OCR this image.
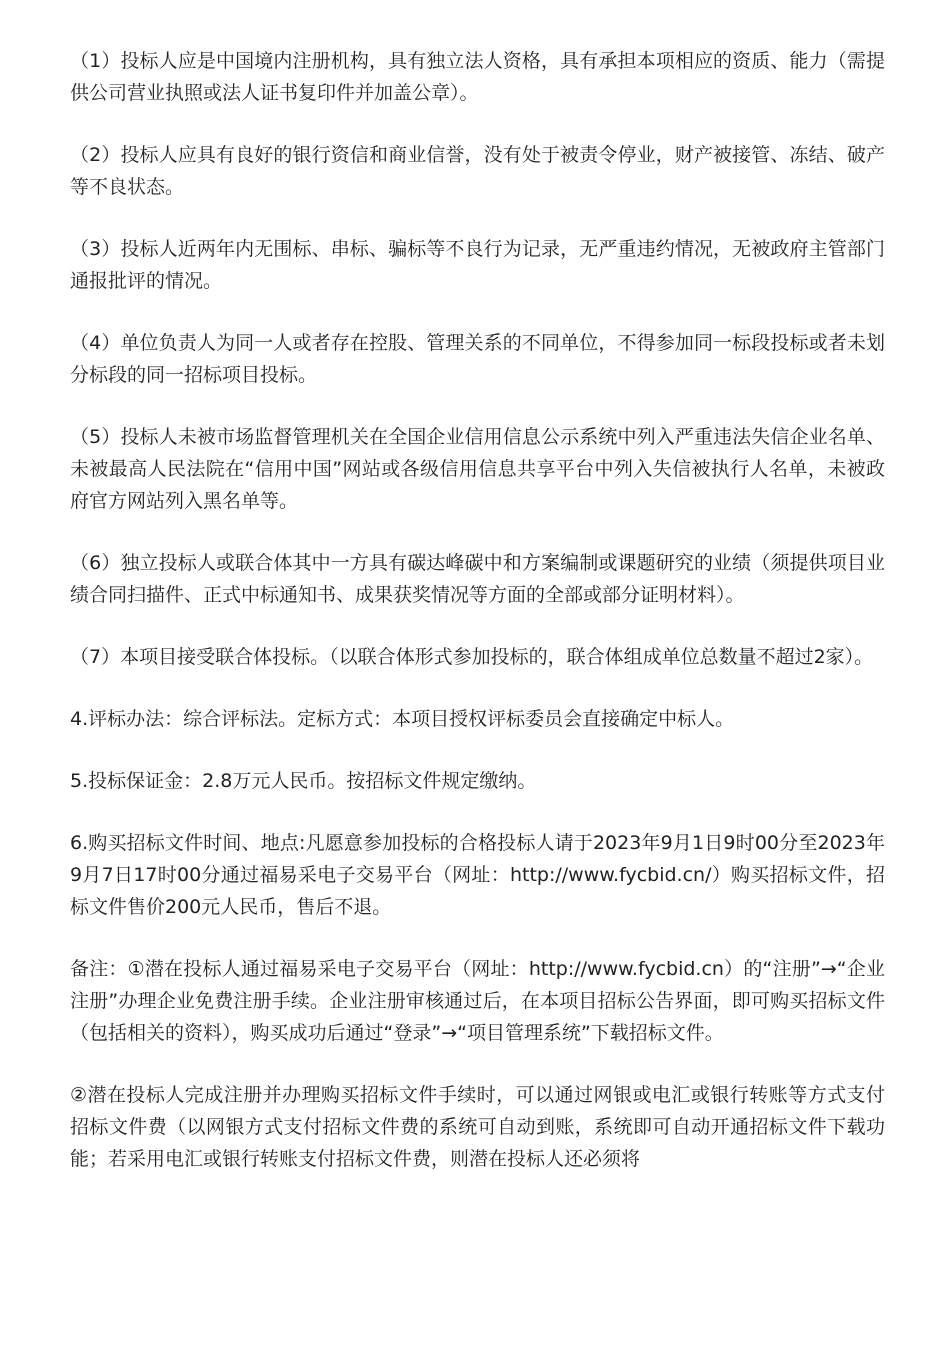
（1）投标人应是中国境内注册机构，具有独立法人资格，具有承担本项相应的资质、能力（需提供公司营业执照或法人证书复印件并加盖公章）。

（2）投标人应具有良好的银行资信和商业信誉，没有处于被责令停业，财产被接管、冻结、破产等不良状态。

（3）投标人近两年内无围标、串标、骗标等不良行为记录，无严重违约情况，无被政府主管部门通报批评的情况。

（4）单位负责人为同一人或者存在控股、管理关系的不同单位，不得参加同一标段投标或者未划分标段的同一招标项目投标。

（5）投标人未被市场监督管理机关在全国企业信用信息公示系统中列入严重违法失信企业名单、未被最高人民法院在“信用中国”网站或各级信用信息共享平台中列入失信被执行人名单，未被政府官方网站列入黑名单等。

（6）独立投标人或联合体其中一方具有碳达峰碳中和方案编制或课题研究的业绩（须提供项目业绩合同扫描件、正式中标通知书、成果获奖情况等方面的全部或部分证明材料）。

（7）本项目接受联合体投标。（以联合体形式参加投标的，联合体组成单位总数量不超过2家）。

4.评标办法：综合评标法。定标方式：本项目授权评标委员会直接确定中标人。

5.投标保证金：2.8万元人民币。按招标文件规定缴纳。

6.购买招标文件时间、地点:凡愿意参加投标的合格投标人请于2023年9月1日9时00分至2023年9月7日17时00分通过福易采电子交易平台（网址：http://www.fycbid.cn/）购买招标文件，招标文件售价200元人民币，售后不退。

备注：①潜在投标人通过福易采电子交易平台（网址：http://www.fycbid.cn）的“注册”→“企业注册”办理企业免费注册手续。企业注册审核通过后，在本项目招标公告界面，即可购买招标文件（包括相关的资料），购买成功后通过“登录”→“项目管理系统”下载招标文件。

②潜在投标人完成注册并办理购买招标文件手续时，可以通过网银或电汇或银行转账等方式支付招标文件费（以网银方式支付招标文件费的系统可自动到账，系统即可自动开通招标文件下载功能；若采用电汇或银行转账支付招标文件费，则潜在投标人还必须将
